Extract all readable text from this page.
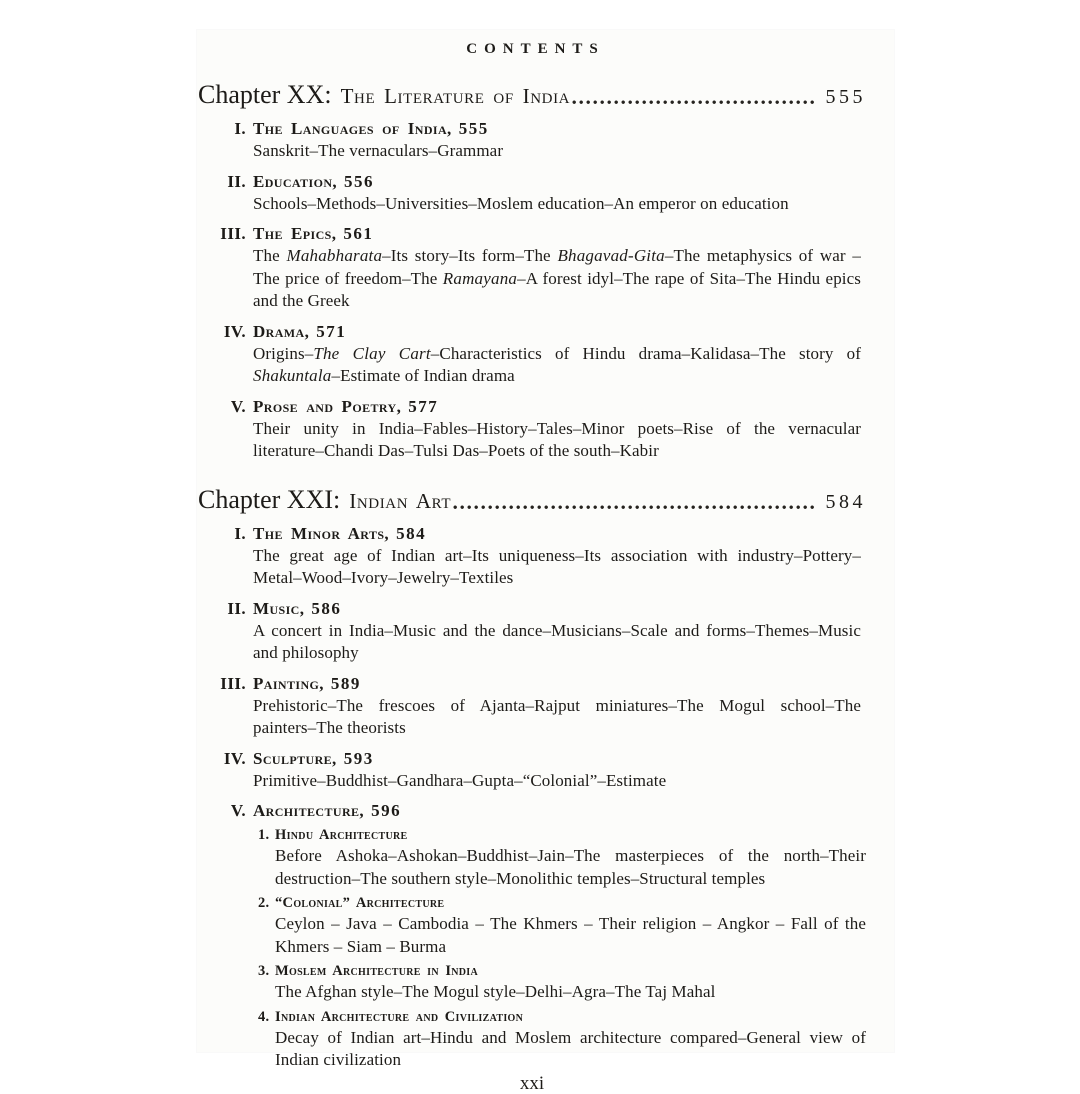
CONTENTS
Chapter XX: The Literature of India	555
I. The Languages of India, 555

Sanskrit–The vernaculars–Grammar

II. Education, 556

Schools–Methods–Universities–Moslem education–An emperor on education

III. The Epics, 561

The Mahabharata–Its story–Its form–The Bhagavad-Gita–The metaphysics of war –The price of freedom–The Ramayana–A forest idyl–The rape of Sita–The Hindu epics and the Greek

IV. Drama, 571

Origins–The Clay Cart–Characteristics of Hindu drama–Kalidasa–The story of Shakuntala–Estimate of Indian drama

V. Prose and Poetry, 577

Their unity in India–Fables–History–Tales–Minor poets–Rise of the vernacular literature–Chandi Das–Tulsi Das–Poets of the south–Kabir

Chapter XXI: Indian Art	584
I. The Minor Arts, 584

The great age of Indian art–Its uniqueness–Its association with industry–Pottery–Metal–Wood–Ivory–Jewelry–Textiles

II. Music, 586

A concert in India–Music and the dance–Musicians–Scale and forms–Themes–Music and philosophy

III. Painting, 589

Prehistoric–The frescoes of Ajanta–Rajput miniatures–The Mogul school–The painters–The theorists

IV. Sculpture, 593

Primitive–Buddhist–Gandhara–Gupta–“Colonial”–Estimate

V. Architecture, 596
1. Hindu Architecture

Before Ashoka–Ashokan–Buddhist–Jain–The masterpieces of the north–Their destruction–The southern style–Monolithic temples–Structural temples

2. “Colonial” Architecture

Ceylon – Java – Cambodia – The Khmers – Their religion – Angkor – Fall of the Khmers – Siam – Burma

3. Moslem Architecture in India

The Afghan style–The Mogul style–Delhi–Agra–The Taj Mahal

4. Indian Architecture and Civilization

Decay of Indian art–Hindu and Moslem architecture compared–General view of Indian civilization

xxi
